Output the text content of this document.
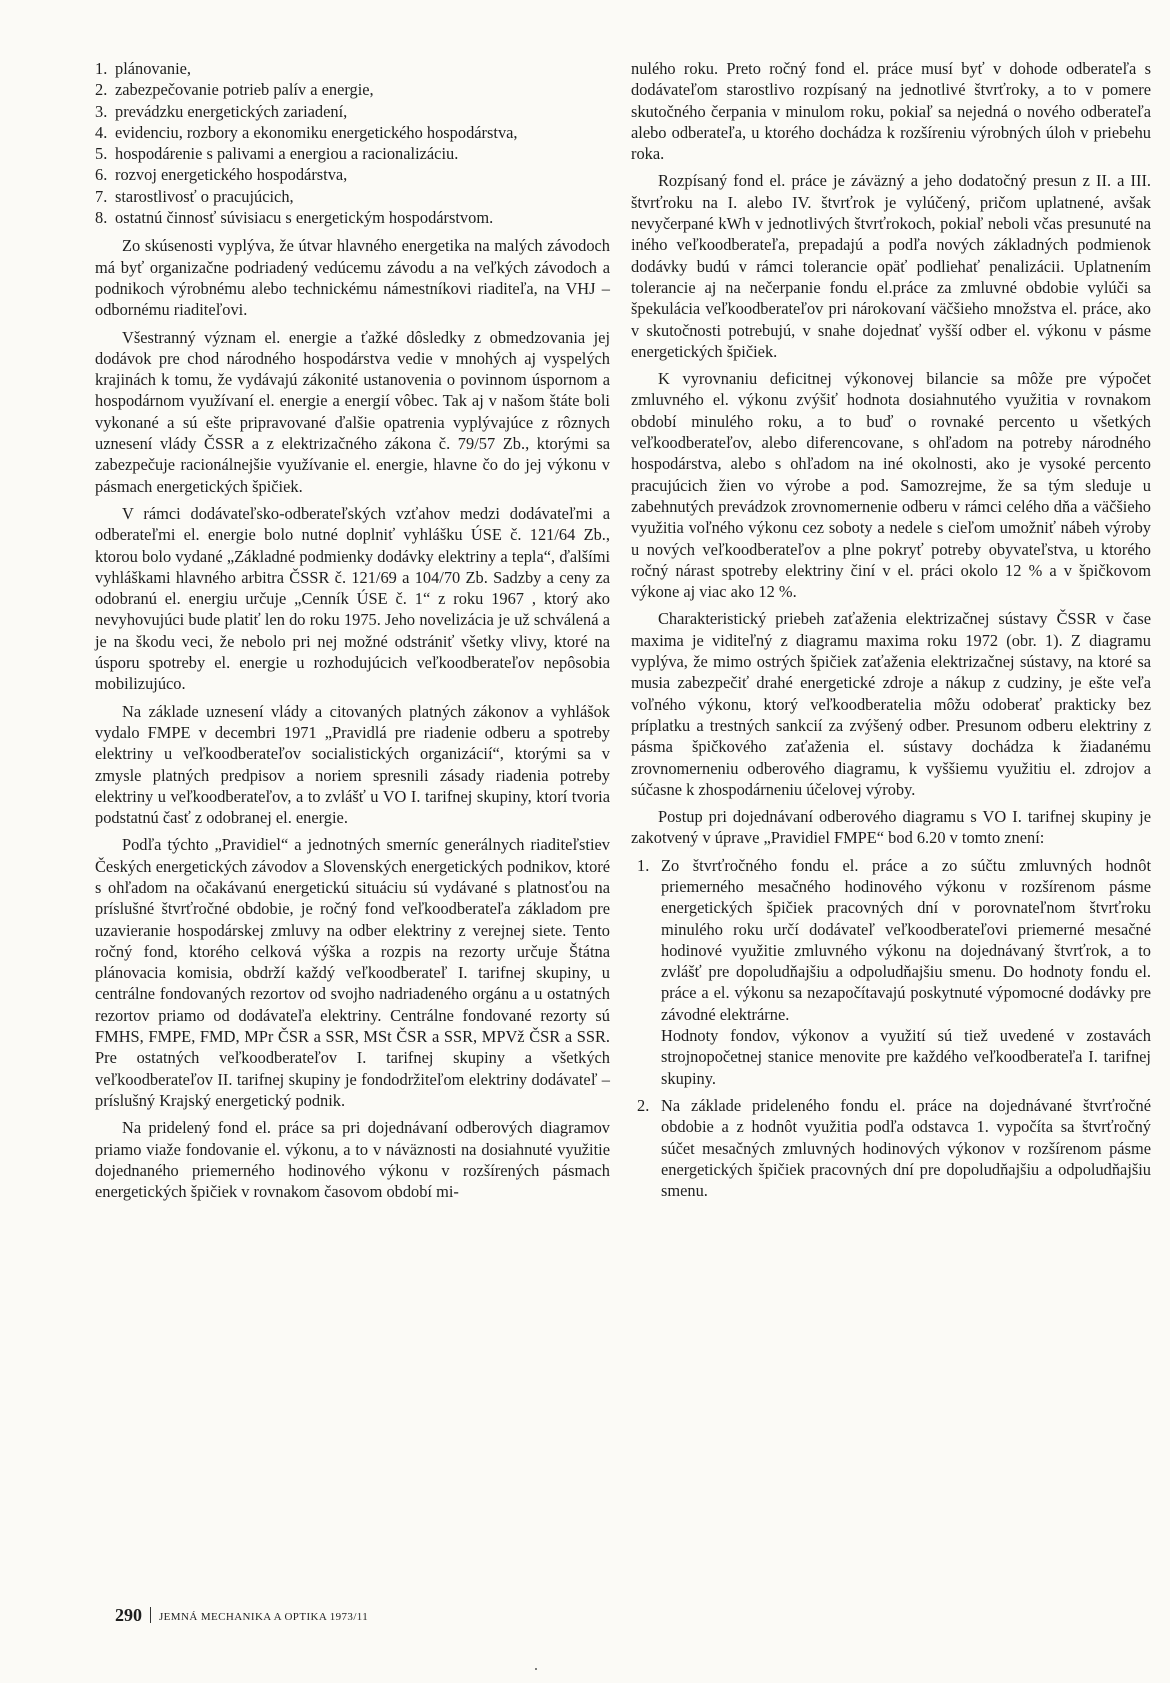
1. plánovanie,
2. zabezpečovanie potrieb palív a energie,
3. prevádzku energetických zariadení,
4. evidenciu, rozbory a ekonomiku energetického hospodárstva,
5. hospodárenie s palivami a energiou a racionalizáciu.
6. rozvoj energetického hospodárstva,
7. starostlivosť o pracujúcich,
8. ostatnú činnosť súvisiacu s energetickým hospodárstvom.

Zo skúsenosti vyplýva, že útvar hlavného energetika na malých závodoch má byť organizačne podriadený vedúcemu závodu a na veľkých závodoch a podnikoch výrobnému alebo technickému námestníkovi riaditeľa, na VHJ – odbornému riaditeľovi.

Všestranný význam el. energie a ťažké dôsledky z obmedzovania jej dodávok pre chod národného hospodárstva vedie v mnohých aj vyspelých krajinách k tomu, že vydávajú zákonité ustanovenia o povinnom úspornom a hospodárnom využívaní el. energie a energií vôbec. Tak aj v našom štáte boli vykonané a sú ešte pripravované ďalšie opatrenia vyplývajúce z rôznych uznesení vlády ČSSR a z elektrizačného zákona č. 79/57 Zb., ktorými sa zabezpečuje racionálnejšie využívanie el. energie, hlavne čo do jej výkonu v pásmach energetických špičiek.

V rámci dodávateľsko-odberateľských vzťahov medzi dodávateľmi a odberateľmi el. energie bolo nutné doplniť vyhlášku ÚSE č. 121/64 Zb., ktorou bolo vydané „Základné podmienky dodávky elektriny a tepla“, ďalšími vyhláškami hlavného arbitra ČSSR č. 121/69 a 104/70 Zb. Sadzby a ceny za odobranú el. energiu určuje „Cenník ÚSE č. 1“ z roku 1967 , ktorý ako nevyhovujúci bude platiť len do roku 1975. Jeho novelizácia je už schválená a je na škodu veci, že nebolo pri nej možné odstrániť všetky vlivy, ktoré na úsporu spotreby el. energie u rozhodujúcich veľkoodberateľov nepôsobia mobilizujúco.

Na základe uznesení vlády a citovaných platných zákonov a vyhlášok vydalo FMPE v decembri 1971 „Pravidlá pre riadenie odberu a spotreby elektriny u veľkoodberateľov socialistických organizácií“, ktorými sa v zmysle platných predpisov a noriem spresnili zásady riadenia potreby elektriny u veľkoodberateľov, a to zvlášť u VO I. tarifnej skupiny, ktorí tvoria podstatnú časť z odobranej el. energie.

Podľa týchto „Pravidiel“ a jednotných smerníc generálnych riaditeľstiev Českých energetických závodov a Slovenských energetických podnikov, ktoré s ohľadom na očakávanú energetickú situáciu sú vydávané s platnosťou na príslušné štvrťročné obdobie, je ročný fond veľkoodberateľa základom pre uzavieranie hospodárskej zmluvy na odber elektriny z verejnej siete. Tento ročný fond, ktorého celková výška a rozpis na rezorty určuje Štátna plánovacia komisia, obdrží každý veľkoodberateľ I. tarifnej skupiny, u centrálne fondovaných rezortov od svojho nadriadeného orgánu a u ostatných rezortov priamo od dodávateľa elektriny. Centrálne fondované rezorty sú FMHS, FMPE, FMD, MPr ČSR a SSR, MSt ČSR a SSR, MPVž ČSR a SSR. Pre ostatných veľkoodberateľov I. tarifnej skupiny a všetkých veľkoodberateľov II. tarifnej skupiny je fondodržiteľom elektriny dodávateľ – príslušný Krajský energetický podnik.

Na pridelený fond el. práce sa pri dojednávaní odberových diagramov priamo viaže fondovanie el. výkonu, a to v náväznosti na dosiahnuté využitie dojednaného priemerného hodinového výkonu v rozšírených pásmach energetických špičiek v rovnakom časovom období mi-

nulého roku. Preto ročný fond el. práce musí byť v dohode odberateľa s dodávateľom starostlivo rozpísaný na jednotlivé štvrťroky, a to v pomere skutočného čerpania v minulom roku, pokiaľ sa nejedná o nového odberateľa alebo odberateľa, u ktorého dochádza k rozšíreniu výrobných úloh v priebehu roka.

Rozpísaný fond el. práce je záväzný a jeho dodatočný presun z II. a III. štvrťroku na I. alebo IV. štvrťrok je vylúčený, pričom uplatnené, avšak nevyčerpané kWh v jednotlivých štvrťrokoch, pokiaľ neboli včas presunuté na iného veľkoodberateľa, prepadajú a podľa nových základných podmienok dodávky budú v rámci tolerancie opäť podliehať penalizácii. Uplatnením tolerancie aj na nečerpanie fondu el.práce za zmluvné obdobie vylúči sa špekulácia veľkoodberateľov pri nárokovaní väčšieho množstva el. práce, ako v skutočnosti potrebujú, v snahe dojednať vyšší odber el. výkonu v pásme energetických špičiek.

K vyrovnaniu deficitnej výkonovej bilancie sa môže pre výpočet zmluvného el. výkonu zvýšiť hodnota dosiahnutého využitia v rovnakom období minulého roku, a to buď o rovnaké percento u všetkých veľkoodberateľov, alebo diferencovane, s ohľadom na potreby národného hospodárstva, alebo s ohľadom na iné okolnosti, ako je vysoké percento pracujúcich žien vo výrobe a pod. Samozrejme, že sa tým sleduje u zabehnutých prevádzok zrovnomernenie odberu v rámci celého dňa a väčšieho využitia voľného výkonu cez soboty a nedele s cieľom umožniť nábeh výroby u nových veľkoodberateľov a plne pokryť potreby obyvateľstva, u ktorého ročný nárast spotreby elektriny činí v el. práci okolo 12 % a v špičkovom výkone aj viac ako 12 %.

Charakteristický priebeh zaťaženia elektrizačnej sústavy ČSSR v čase maxima je viditeľný z diagramu maxima roku 1972 (obr. 1). Z diagramu vyplýva, že mimo ostrých špičiek zaťaženia elektrizačnej sústavy, na ktoré sa musia zabezpečiť drahé energetické zdroje a nákup z cudziny, je ešte veľa voľného výkonu, ktorý veľkoodberatelia môžu odoberať prakticky bez príplatku a trestných sankcií za zvýšený odber. Presunom odberu elektriny z pásma špičkového zaťaženia el. sústavy dochádza k žiadanému zrovnomerneniu odberového diagramu, k vyššiemu využitiu el. zdrojov a súčasne k zhospodárneniu účelovej výroby.

Postup pri dojednávaní odberového diagramu s VO I. tarifnej skupiny je zakotvený v úprave „Pravidiel FMPE“ bod 6.20 v tomto znení:

1. Zo štvrťročného fondu el. práce a zo súčtu zmluvných hodnôt priemerného mesačného hodinového výkonu v rozšírenom pásme energetických špičiek pracovných dní v porovnateľnom štvrťroku minulého roku určí dodávateľ veľkoodberateľovi priemerné mesačné hodinové využitie zmluvného výkonu na dojednávaný štvrťrok, a to zvlášť pre dopoludňajšiu a odpoludňajšiu smenu. Do hodnoty fondu el. práce a el. výkonu sa nezapočítavajú poskytnuté výpomocné dodávky pre závodné elektrárne.
Hodnoty fondov, výkonov a využití sú tiež uvedené v zostavách strojnopočetnej stanice menovite pre každého veľkoodberateľa I. tarifnej skupiny.
2. Na základe prideleného fondu el. práce na dojednávané štvrťročné obdobie a z hodnôt využitia podľa odstavca 1. vypočíta sa štvrťročný súčet mesačných zmluvných hodinových výkonov v rozšírenom pásme energetických špičiek pracovných dní pre dopoludňajšiu a odpoludňajšiu smenu.
290 JEMNÁ MECHANIKA A OPTIKA 1973/11
